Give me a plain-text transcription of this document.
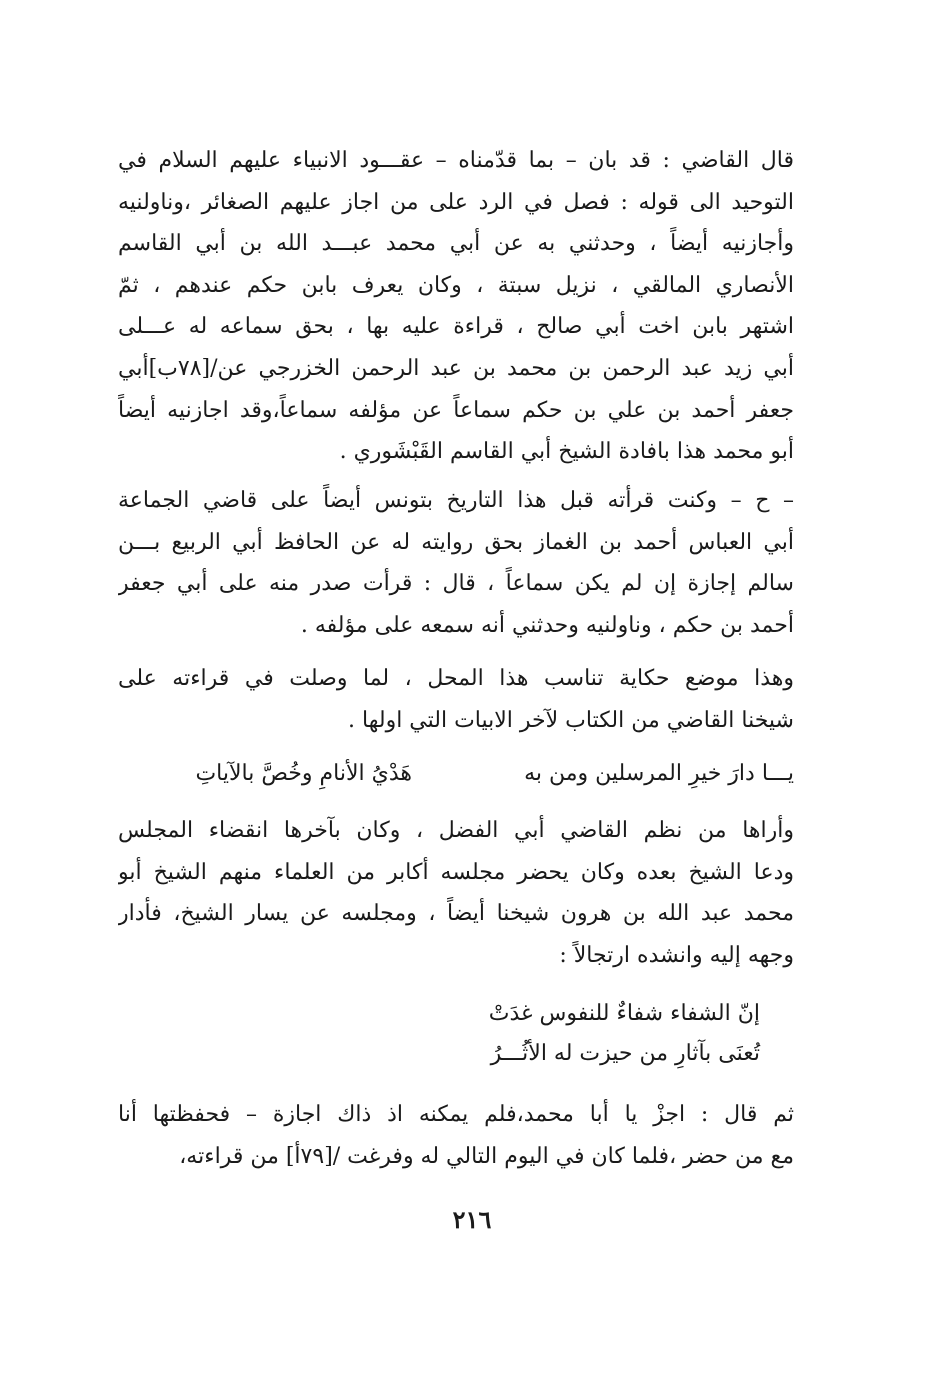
قال القاضي : قد بان – بما قدّمناه – عقـــود الانبياء عليهم السلام في
التوحيد الى قوله : فصل في الرد على من اجاز عليهم الصغائر ،وناولنيه
وأجازنيه أيضاً ، وحدثني به عن أبي محمد عبـــد الله بن أبي القاسم
الأنصاري المالقي ، نزيل سبتة ، وكان يعرف بابن حكم عندهم ، ثمّ
اشتهر بابن اخت أبي صالح ، قراءة عليه بها ، بحق سماعه له عـــلى
أبي زيد عبد الرحمن بن محمد بن عبد الرحمن الخزرجي عن/[٧٨ب]أبي
جعفر أحمد بن علي بن حكم سماعاً عن مؤلفه سماعاً،وقد اجازنيه أيضاً
أبو محمد هذا بافادة الشيخ أبي القاسم القَبْشَوري .
– ح – وكنت قرأته قبل هذا التاريخ بتونس أيضاً على قاضي الجماعة
أبي العباس أحمد بن الغماز بحق روايته له عن الحافظ أبي الربيع بـــن
سالم إجازة إن لم يكن سماعاً ، قال : قرأت صدر منه على أبي جعفر
أحمد بن حكم ، وناولنيه وحدثني أنه سمعه على مؤلفه .
وهذا موضع حكاية تناسب هذا المحل ، لما وصلت في قراءته على
شيخنا القاضي من الكتاب لآخر الابيات التي اولها .
يـــا دارَ خيرِ المرسلين ومن به
هَدْيُ الأنامِ وخُصَّ بالآياتِ
وأراها من نظم القاضي أبي الفضل ، وكان بآخرها انقضاء المجلس
ودعا الشيخ بعده وكان يحضر مجلسه أكابر من العلماء منهم الشيخ أبو
محمد عبد الله بن هرون شيخنا أيضاً ، ومجلسه عن يسار الشيخ، فأدار
وجهه إليه وانشده ارتجالاً :
إنّ الشفاء شفاءٌ للنفوس غدَتْ
تُعنَى بآثارِ من حيزت له الأثُـــرُ
ثم قال : اجزْ يا أبا محمد،فلم يمكنه اذ ذاك اجازة – فحفظتها أنا
مع من حضر ،فلما كان في اليوم التالي له وفرغت /[٧٩أ] من قراءته،
٢١٦
